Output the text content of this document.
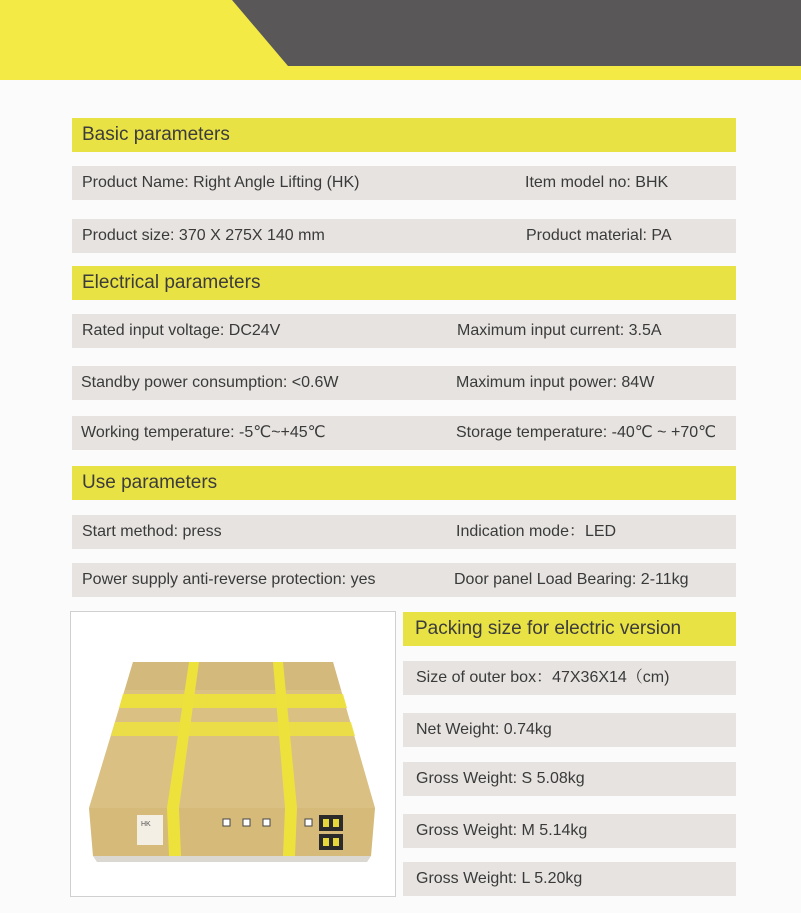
Basic parameters
Product Name: Right Angle Lifting (HK)	Item model no: BHK
Product size: 370 X 275X 140 mm	Product material: PA
Electrical parameters
Rated input voltage: DC24V	Maximum input current: 3.5A
Standby power consumption: <0.6W	Maximum input power: 84W
Working temperature: -5℃~+45℃	Storage temperature: -40℃ ~ +70℃
Use parameters
Start method: press	Indication mode：LED
Power supply anti-reverse protection: yes	Door panel Load Bearing: 2-11kg
HK
Packing size for electric version
Size of outer box：47X36X14（cm)
Net Weight: 0.74kg
Gross Weight: S 5.08kg
Gross Weight: M 5.14kg
Gross Weight: L 5.20kg
